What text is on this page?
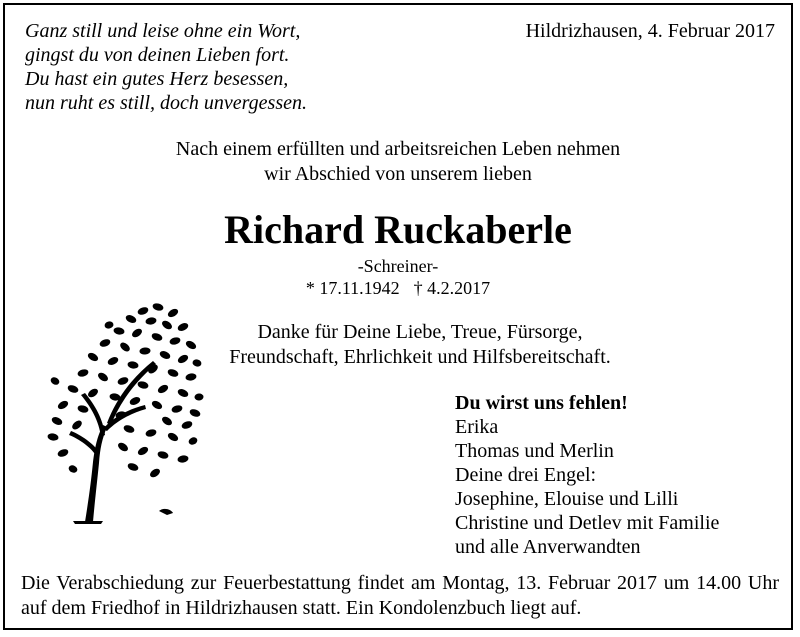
Ganz still und leise ohne ein Wort,
gingst du von deinen Lieben fort.
Du hast ein gutes Herz besessen,
nun ruht es still, doch unvergessen.
Hildrizhausen, 4. Februar 2017
Nach einem erfüllten und arbeitsreichen Leben nehmen
wir Abschied von unserem lieben
Richard Ruckaberle
-Schreiner-
* 17.11.1942 † 4.2.2017
Danke für Deine Liebe, Treue, Fürsorge,
Freundschaft, Ehrlichkeit und Hilfsbereitschaft.
Du wirst uns fehlen!
Erika
Thomas und Merlin
Deine drei Engel:
Josephine, Elouise und Lilli
Christine und Detlev mit Familie
und alle Anverwandten
Die Verabschiedung zur Feuerbestattung findet am Montag, 13. Februar 2017 um 14.00 Uhr auf dem Friedhof in Hildrizhausen statt. Ein Kondolenzbuch liegt auf.
